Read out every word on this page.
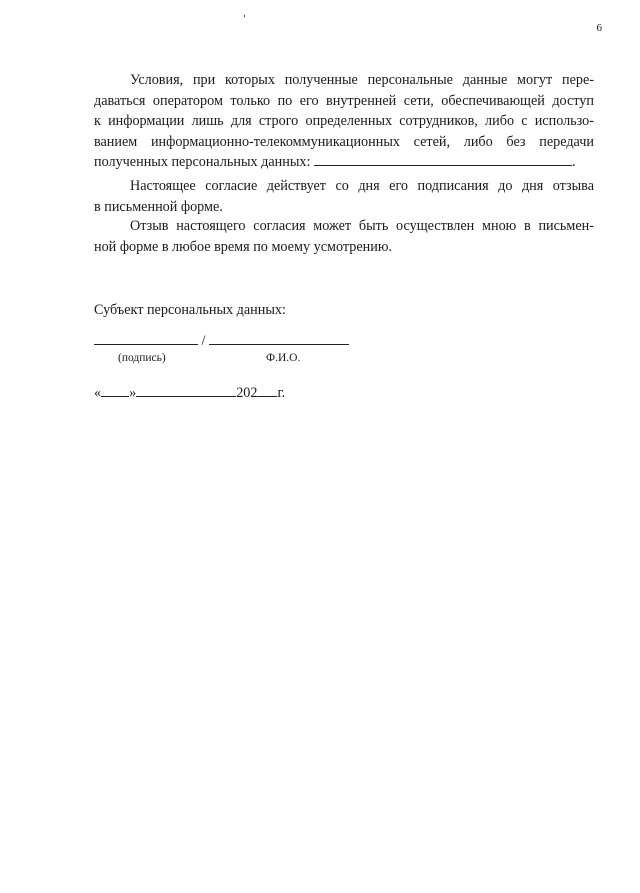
6
Условия, при которых полученные персональные данные могут пере-
даваться оператором только по его внутренней сети, обеспечивающей доступ
к информации лишь для строго определенных сотрудников, либо с использо-
ванием информационно-телекоммуникационных сетей, либо без передачи
полученных персональных данных:	.
Настоящее согласие действует со дня его подписания до дня отзыва
в письменной форме.
Отзыв настоящего согласия может быть осуществлен мною в письмен-
ной форме в любое время по моему усмотрению.
Субъект персональных данных:
/
(подпись)	Ф.И.О.
« »	202 г.
